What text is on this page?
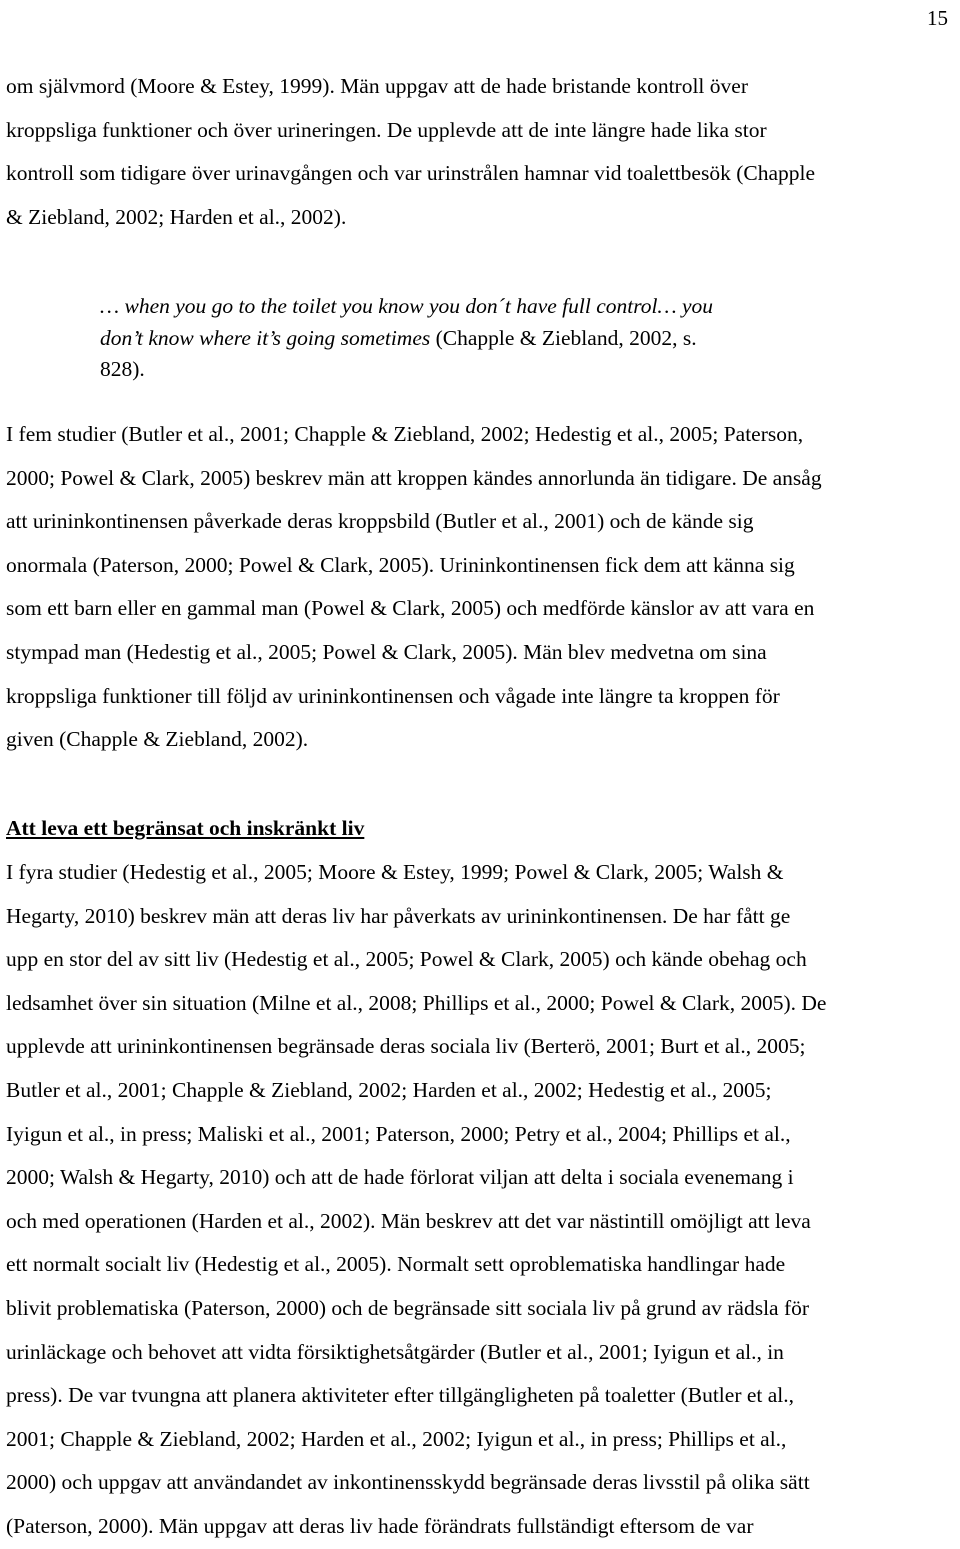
15

om självmord (Moore & Estey, 1999). Män uppgav att de hade bristande kontroll över
kroppsliga funktioner och över urineringen. De upplevde att de inte längre hade lika stor
kontroll som tidigare över urinavgången och var urinstrålen hamnar vid toalettbesök (Chapple
& Ziebland, 2002; Harden et al., 2002).

… when you go to the toilet you know you don´t have full control… you
don’t know where it’s going sometimes (Chapple & Ziebland, 2002, s.
828).

I fem studier (Butler et al., 2001; Chapple & Ziebland, 2002; Hedestig et al., 2005; Paterson,
2000; Powel & Clark, 2005) beskrev män att kroppen kändes annorlunda än tidigare. De ansåg
att urininkontinensen påverkade deras kroppsbild (Butler et al., 2001) och de kände sig
onormala (Paterson, 2000; Powel & Clark, 2005). Urininkontinensen fick dem att känna sig
som ett barn eller en gammal man (Powel & Clark, 2005) och medförde känslor av att vara en
stympad man (Hedestig et al., 2005; Powel & Clark, 2005). Män blev medvetna om sina
kroppsliga funktioner till följd av urininkontinensen och vågade inte längre ta kroppen för
given (Chapple & Ziebland, 2002).

Att leva ett begränsat och inskränkt liv

I fyra studier (Hedestig et al., 2005; Moore & Estey, 1999; Powel & Clark, 2005; Walsh &
Hegarty, 2010) beskrev män att deras liv har påverkats av urininkontinensen. De har fått ge
upp en stor del av sitt liv (Hedestig et al., 2005; Powel & Clark, 2005) och kände obehag och
ledsamhet över sin situation (Milne et al., 2008; Phillips et al., 2000; Powel & Clark, 2005). De
upplevde att urininkontinensen begränsade deras sociala liv (Berterö, 2001; Burt et al., 2005;
Butler et al., 2001; Chapple & Ziebland, 2002; Harden et al., 2002; Hedestig et al., 2005;
Iyigun et al., in press; Maliski et al., 2001; Paterson, 2000; Petry et al., 2004; Phillips et al.,
2000; Walsh & Hegarty, 2010) och att de hade förlorat viljan att delta i sociala evenemang i
och med operationen (Harden et al., 2002). Män beskrev att det var nästintill omöjligt att leva
ett normalt socialt liv (Hedestig et al., 2005). Normalt sett oproblematiska handlingar hade
blivit problematiska (Paterson, 2000) och de begränsade sitt sociala liv på grund av rädsla för
urinläckage och behovet att vidta försiktighetsåtgärder (Butler et al., 2001; Iyigun et al., in
press). De var tvungna att planera aktiviteter efter tillgängligheten på toaletter (Butler et al.,
2001; Chapple & Ziebland, 2002; Harden et al., 2002; Iyigun et al., in press; Phillips et al.,
2000) och uppgav att användandet av inkontinensskydd begränsade deras livsstil på olika sätt
(Paterson, 2000). Män uppgav att deras liv hade förändrats fullständigt eftersom de var
